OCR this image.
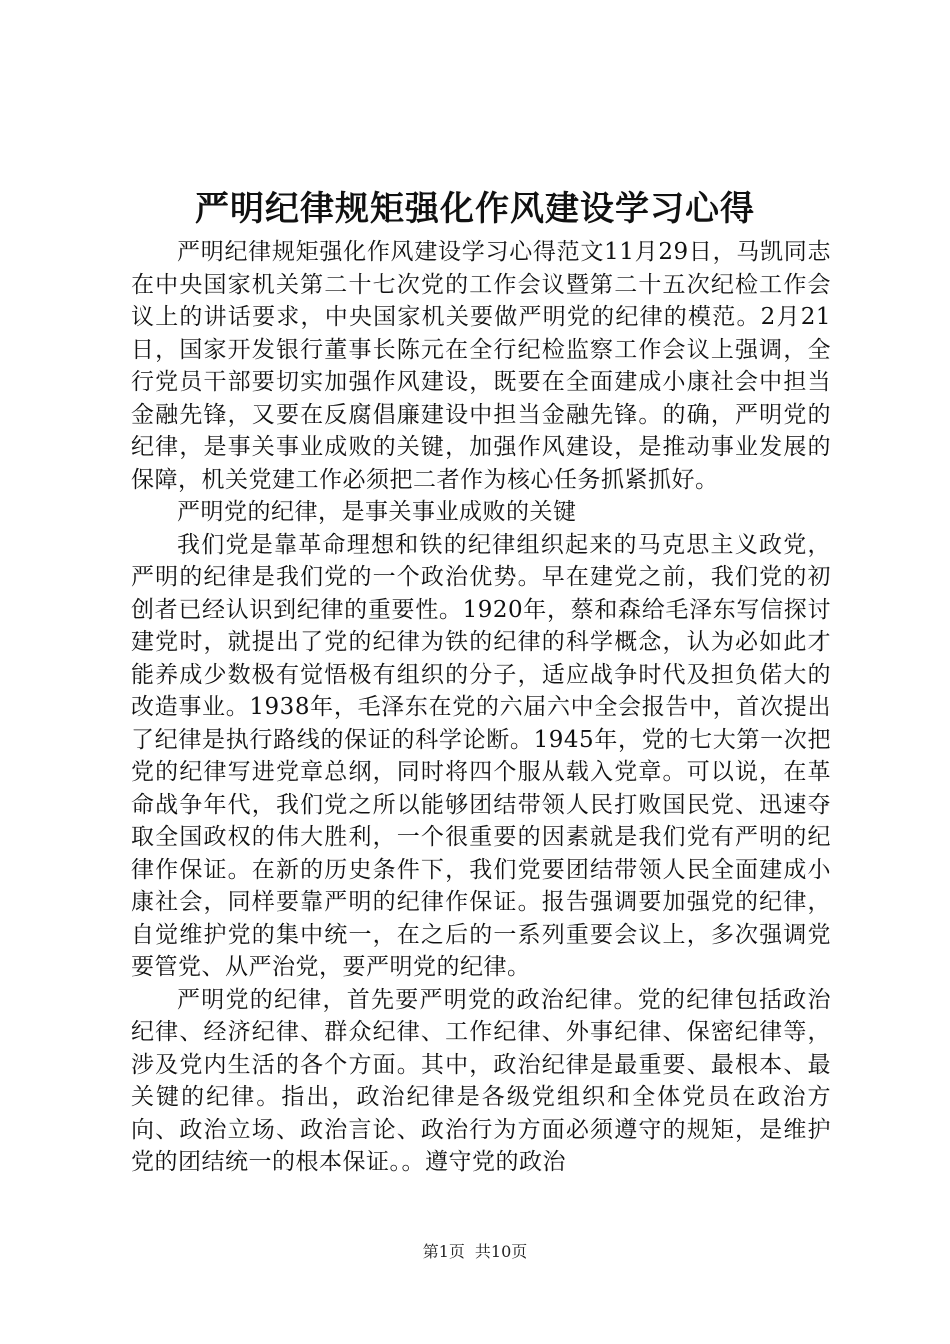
严明纪律规矩强化作风建设学习心得

严明纪律规矩强化作风建设学习心得范文11月29日，马凯同志在中央国家机关第二十七次党的工作会议暨第二十五次纪检工作会议上的讲话要求，中央国家机关要做严明党的纪律的模范。2月21日，国家开发银行董事长陈元在全行纪检监察工作会议上强调，全行党员干部要切实加强作风建设，既要在全面建成小康社会中担当金融先锋，又要在反腐倡廉建设中担当金融先锋。的确，严明党的纪律，是事关事业成败的关键，加强作风建设，是推动事业发展的保障，机关党建工作必须把二者作为核心任务抓紧抓好。

严明党的纪律，是事关事业成败的关键

我们党是靠革命理想和铁的纪律组织起来的马克思主义政党，严明的纪律是我们党的一个政治优势。早在建党之前，我们党的初创者已经认识到纪律的重要性。1920年，蔡和森给毛泽东写信探讨建党时，就提出了党的纪律为铁的纪律的科学概念，认为必如此才能养成少数极有觉悟极有组织的分子，适应战争时代及担负偌大的改造事业。1938年，毛泽东在党的六届六中全会报告中，首次提出了纪律是执行路线的保证的科学论断。1945年，党的七大第一次把党的纪律写进党章总纲，同时将四个服从载入党章。可以说，在革命战争年代，我们党之所以能够团结带领人民打败国民党、迅速夺取全国政权的伟大胜利，一个很重要的因素就是我们党有严明的纪律作保证。在新的历史条件下，我们党要团结带领人民全面建成小康社会，同样要靠严明的纪律作保证。报告强调要加强党的纪律，自觉维护党的集中统一，在之后的一系列重要会议上，多次强调党要管党、从严治党，要严明党的纪律。

严明党的纪律，首先要严明党的政治纪律。党的纪律包括政治纪律、经济纪律、群众纪律、工作纪律、外事纪律、保密纪律等，涉及党内生活的各个方面。其中，政治纪律是最重要、最根本、最关键的纪律。指出，政治纪律是各级党组织和全体党员在政治方向、政治立场、政治言论、政治行为方面必须遵守的规矩，是维护党的团结统一的根本保证。。遵守党的政治

第1页 共10页
